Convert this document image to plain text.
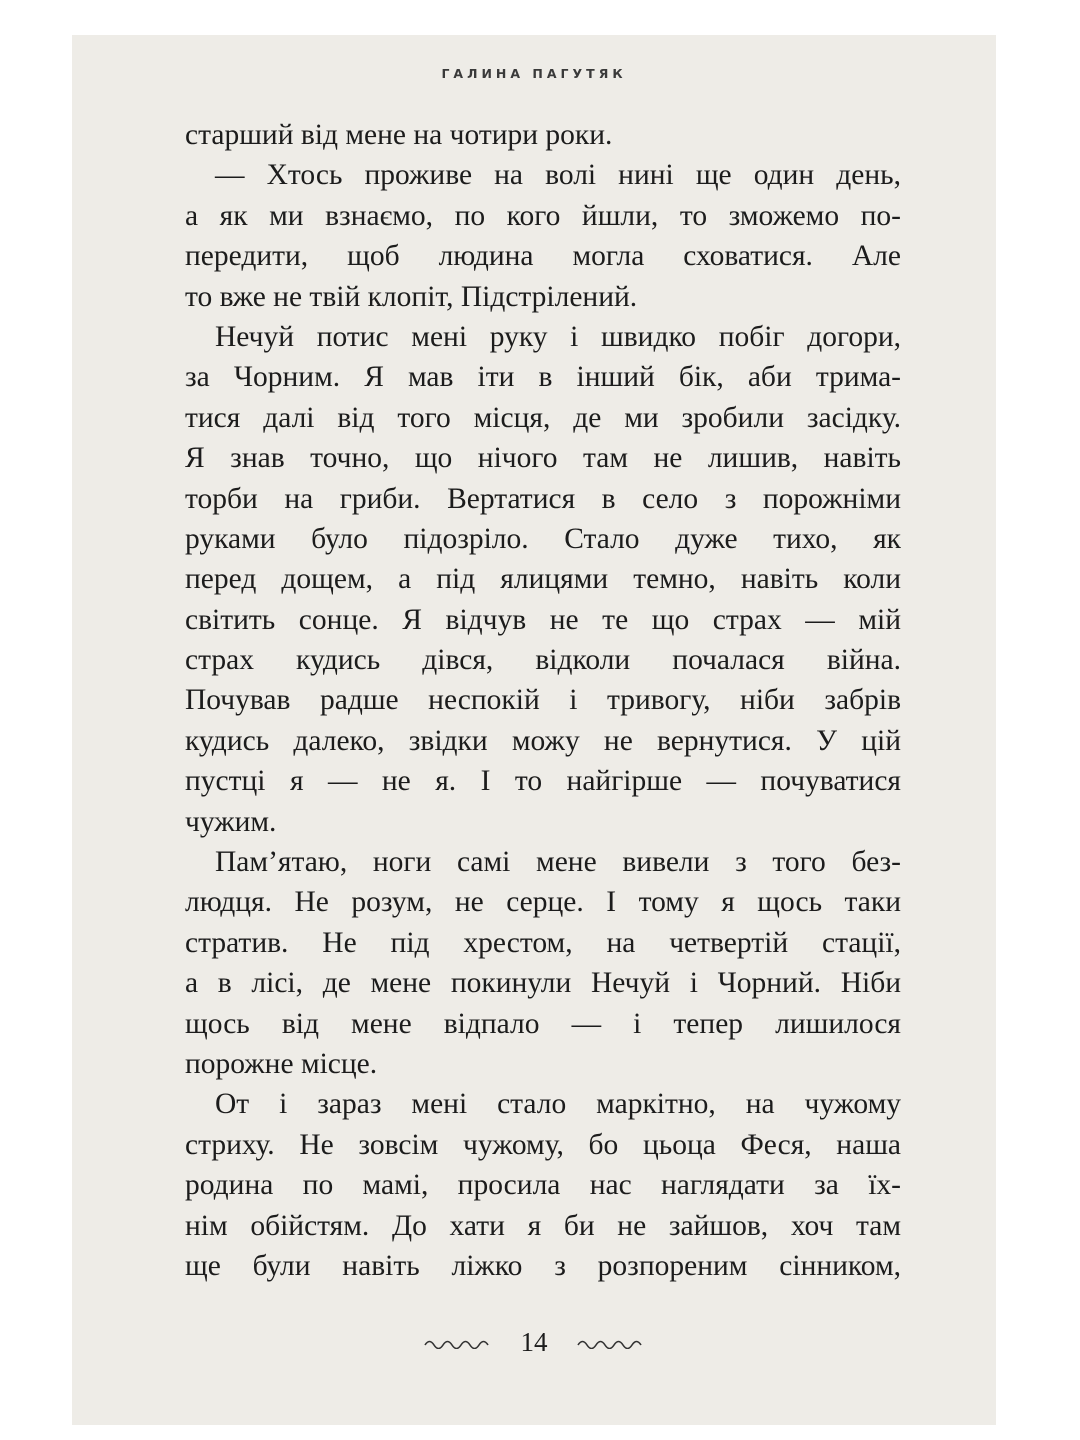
ГАЛИНА ПАГУТЯК
старший від мене на чотири роки.
— Хтось проживе на волі нині ще один день,
а як ми взнаємо, по кого йшли, то зможемо по-
передити, щоб людина могла сховатися. Але
то вже не твій клопіт, Підстрілений.
Нечуй потис мені руку і швидко побіг догори,
за Чорним. Я мав іти в інший бік, аби трима-
тися далі від того місця, де ми зробили засідку.
Я знав точно, що нічого там не лишив, навіть
торби на гриби. Вертатися в село з порожніми
руками було підозріло. Стало дуже тихо, як
перед дощем, а під ялицями темно, навіть коли
світить сонце. Я відчув не те що страх — мій
страх кудись дівся, відколи почалася війна.
Почував радше неспокій і тривогу, ніби забрів
кудись далеко, звідки можу не вернутися. У цій
пустці я — не я. І то найгірше — почуватися
чужим.
Пам’ятаю, ноги самі мене вивели з того без-
людця. Не розум, не серце. І тому я щось таки
стратив. Не під хрестом, на четвертій стації,
а в лісі, де мене покинули Нечуй і Чорний. Ніби
щось від мене відпало — і тепер лишилося
порожне місце.
От і зараз мені стало маркітно, на чужому
стриху. Не зовсім чужому, бо цьоца Феся, наша
родина по мамі, просила нас наглядати за їх-
нім обійстям. До хати я би не зайшов, хоч там
ще були навіть ліжко з розпореним сінником,
14
